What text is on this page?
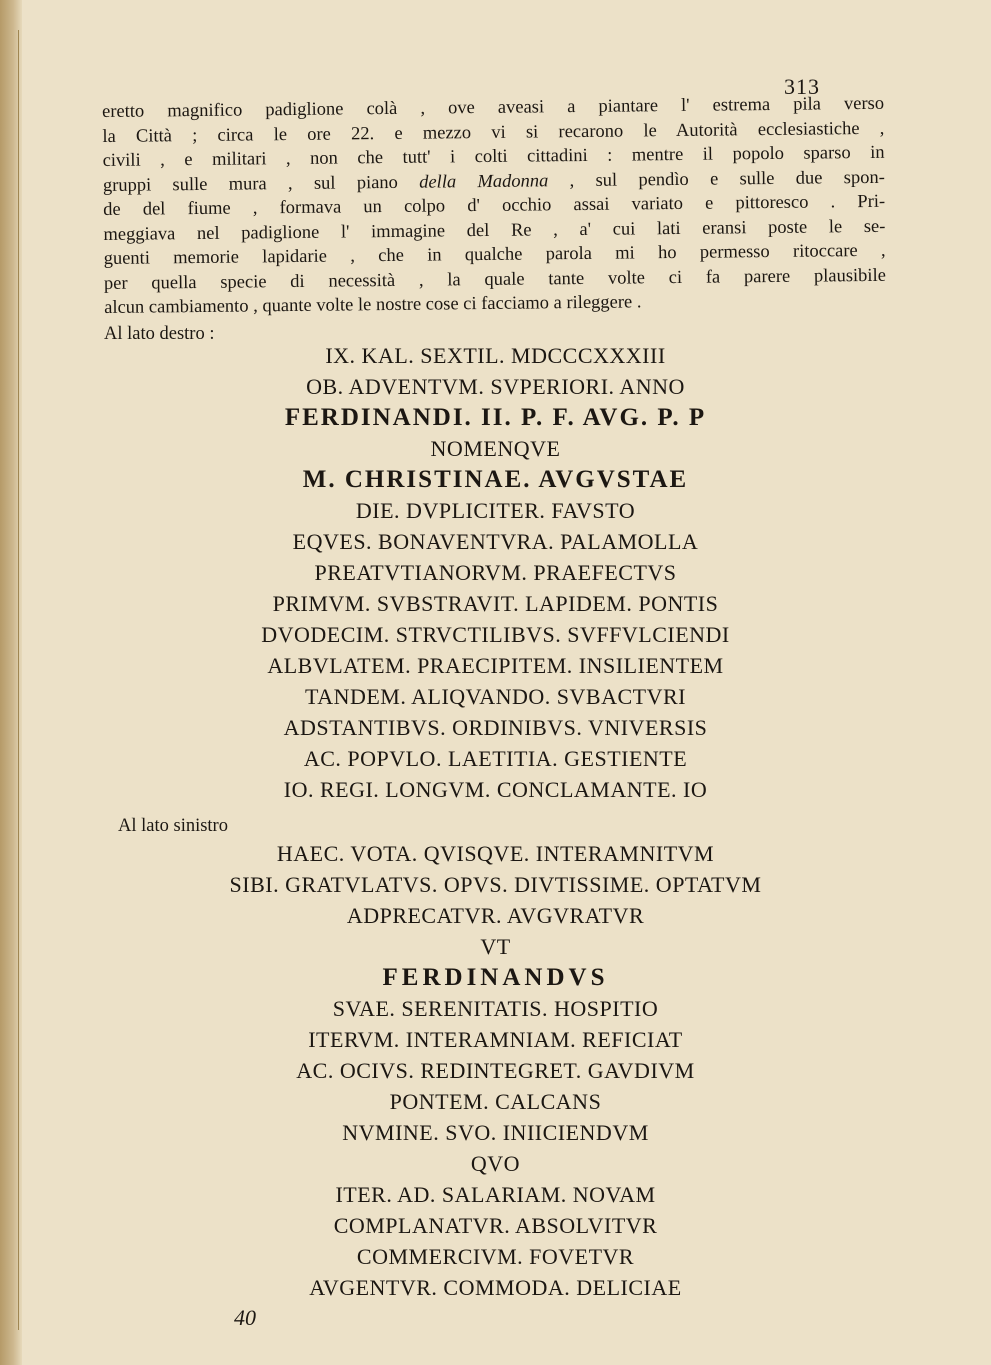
313
eretto magnifico padiglione colà , ove aveasi a piantare l' estrema pila verso
la Città ; circa le ore 22. e mezzo vi si recarono le Autorità ecclesiastiche ,
civili , e militari , non che tutt' i colti cittadini : mentre il popolo sparso in
gruppi sulle mura , sul piano della Madonna , sul pendìo e sulle due spon-
de del fiume , formava un colpo d' occhio assai variato e pittoresco . Pri-
meggiava nel padiglione l' immagine del Re , a' cui lati eransi poste le se-
guenti memorie lapidarie , che in qualche parola mi ho permesso ritoccare ,
per quella specie di necessità , la quale tante volte ci fa parere plausibile
alcun cambiamento , quante volte le nostre cose ci facciamo a rileggere .
Al lato destro :
IX. KAL. SEXTIL. MDCCCXXXIII
OB. ADVENTVM. SVPERIORI. ANNO
FERDINANDI. II. P. F. AVG. P. P
NOMENQVE
M. CHRISTINAE. AVGVSTAE
DIE. DVPLICITER. FAVSTO
EQVES. BONAVENTVRA. PALAMOLLA
PREATVTIANORVM. PRAEFECTVS
PRIMVM. SVBSTRAVIT. LAPIDEM. PONTIS
DVODECIM. STRVCTILIBVS. SVFFVLCIENDI
ALBVLATEM. PRAECIPITEM. INSILIENTEM
TANDEM. ALIQVANDO. SVBACTVRI
ADSTANTIBVS. ORDINIBVS. VNIVERSIS
AC. POPVLO. LAETITIA. GESTIENTE
IO. REGI. LONGVM. CONCLAMANTE. IO
Al lato sinistro
HAEC. VOTA. QVISQVE. INTERAMNITVM
SIBI. GRATVLATVS. OPVS. DIVTISSIME. OPTATVM
ADPRECATVR. AVGVRATVR
VT
FERDINANDVS
SVAE. SERENITATIS. HOSPITIO
ITERVM. INTERAMNIAM. REFICIAT
AC. OCIVS. REDINTEGRET. GAVDIVM
PONTEM. CALCANS
NVMINE. SVO. INIICIENDVM
QVO
ITER. AD. SALARIAM. NOVAM
COMPLANATVR. ABSOLVITVR
COMMERCIVM. FOVETVR
AVGENTVR. COMMODA. DELICIAE
40
